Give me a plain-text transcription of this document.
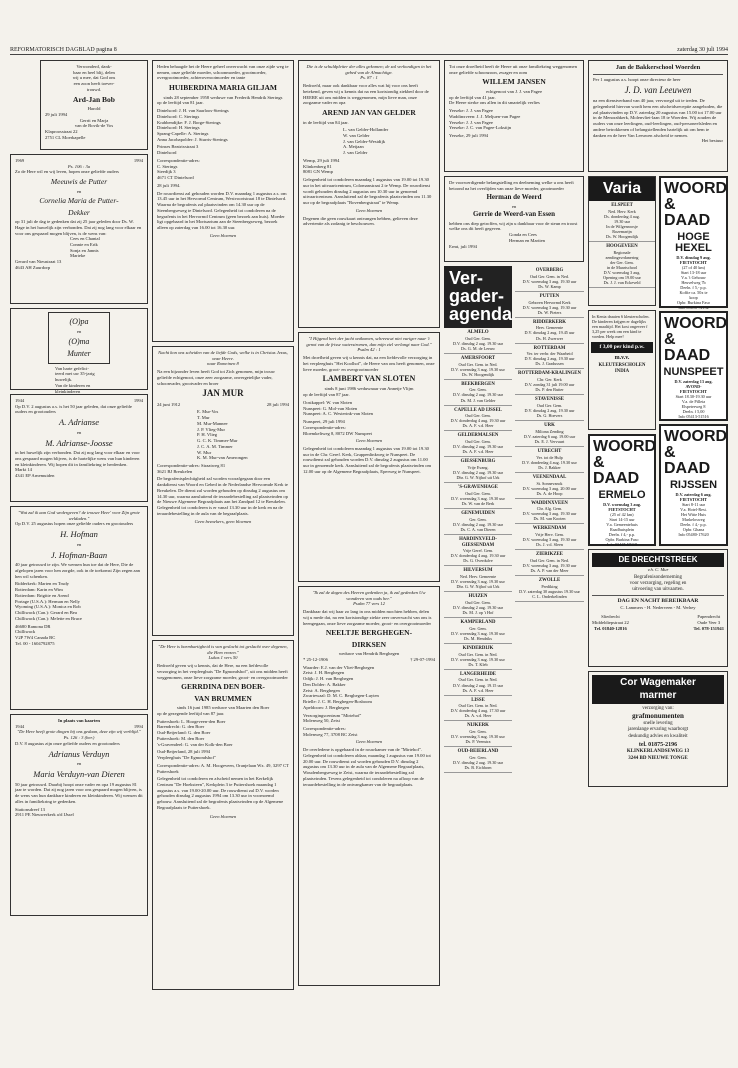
REFORMATORISCH DAGBLAD pagina 8	zaterdag 30 juli 1994
Verwonderd, dank-
baar en heel blij, delen
wij u mee, dat God ons
een zoon heeft toever-
trouwd.
Ard-Jan Bob
Harold
29 juli 1994
Gerrit en Marja
van de Bovik-de Vos
Klaproosstraat 22
2751 CL Moerkapelle
1969	1994
Ps. 106 : 3a
Zo de Here wil en wij leven, hopen onze geliefde ouders
Meeuwis de Putter
en
Cornelia Maria de Putter-
Dekker
op 31 juli de dag te gedenken dat zij 25 jaar geleden door Ds. W. Hage in het huwelijk zijn verbonden. Dat zij nog lang voor elkaar en voor ons gespaard mogen blijven, is de wens van:
Cees en Chantal
Connie en Erik
Sonja en Jannis
Marieke
Gerard van Nieustraat 13
4643 AH Zuurdorp
(O)pa
en
(O)ma
Munter
Van harte gefelici-
teerd met uw 35-jarig
huwelijk.
Van de kinderen en
kleinkinderen
1944	1994
Op D.V. 2 augustus a.s. is het 50 jaar geleden, dat onze geliefde ouders en grootouders
A. Adrianse
en
M. Adrianse-Joosse
in het huwelijk zijn verbonden. Dat zij nog lang voor elkaar en voor ons gespaard mogen blijven, is de hartelijke wens van hun kinderen en kleinkinderen. Wij hopen dit in familiekring te herdenken.
Markt 14
4341 EP Arnemuiden
"Wat zal ik aan God wedergeven? de trouwe Heer' voor Zijn grote weldaden."
Op D.V. 25 augustus hopen onze geliefde ouders en grootouders
H. Hofman
en
J. Hofman-Baan
40 jaar getrouwd te zijn. We wensen hun toe dat de Here, Die de afgelopen jaren voor hen zorgde, ook in de toekomst Zijn zegen aan hen wil schenken.
Ridderkerk: Marten en Trudy
Rotterdam: Karin en Wim
Rotterdam: Brigitte en Arend
Portage (U.S.A.): Herman en Nelly
Wyoming (U.S.A.): Monica en Rob
Chilliwack (Can.): Gerard en Bea
Chilliwack (Can.): Melette en Bruce
46680 Ramona DR
Chilliwack
V2P 7W4 Canada BC
Tel. 00 - 1604792875
In plaats van kaarten
1944	1994
"De Here heeft grote dingen bij ons gedaan, deze zijn wij verblijd."
Ps. 126 : 3 (ber.)
D.V. 8 augustus zijn onze geliefde ouders en grootouders
Adrianus Verduyn
en
Maria Verduyn-van Dieren
50 jaar getrouwd. Daarbij hoopt onze vader en opa 19 augustus 81 jaar te worden. Dat zij nog jaren voor ons gespaard mogen blijven, is de wens van hun dankbare kinderen en kleinkinderen. Wij wensen dit alles in familiekring te gedenken.
Stationsdreef 13
2911 PE Nieuwerkerk a/d IJssel
Heden behaagde het de Heere geheel onverwacht van onze zijde weg te nemen, onze geliefde moeder, schoonmoeder, grootmoeder, overgrootmoeder, achteroverootmoeder en tante
HUIBERDINA MARIA GILJAM
sinds 28 september 1958 weduwe van Frederik Hendrik Sterings
op de leeftijd van 81 jaar.
Dintelsord: J. H. van Saarloos-Sterings
Dintelsord: C. Sterings
Krabbendijke: F. J. Borge-Sterings
Dintelsord: H. Sterings
Sprang-Capelle: A. Sterings
Anna Jacobapolder: J. Sturris-Sterings
Prinses Beatrixstraat 3
Dintelsord
Correspondentie-adres:
C. Sterings
Steedijk 3
4671 CT Dintelsord
28 juli 1994.
De rouwdienst zal gehouden worden D.V. maandag 1 augustus a.s. om 13.45 uur in het Hervormd Centrum, Westvoortstraat 18 te Dintelsord. Waarna de begrafenis zal plaatsvinden om 14.30 uur op de Steenbergseweg te Dintelsord. Gelegenheid tot condoleren na de begrafenis in het Hervormd Centrum (geen bezoek aan huis). Moeder ligt opgebaard in het Mortuarium aan de Steenbergseweg, bezoek alleen op zaterdag van 16.00 tot 16.30 uur.
Geen bloemen
Nacht kon ons scheiden van de liefde Gods, welke is in Christus Jezus, onze Heere.
naar Romeinen 8
Na een bijzonder leven heeft God tot Zich genomen, mijn trouw geliefde echtgenoot, onze zeer zorgzame, onvergetelijke vader, schoonvader, grootvader en broer
JAN MUR
24 juni 1912	28 juli 1994
E. Mur-Vos
T. Mur
M. Mur-Mannee
J. P. Vlieg-Mur
P. H. Vlieg
G. C. K. Timmer-Mur
J. C. A. M. Timmer
W. Mur
K. M. Mur-van Amerongen
Correspondentie-adres: Straatweg 81
3621 BJ Breukelen
De begrafenisplechtigheid zal worden voorafgegaan door een dankdienst van Woord en Gebed in de Nederlandse Hervormde Kerk te Breukelen. De dienst zal worden gehouden op dinsdag 2 augustus om 14.30 uur, waarna aansluitend de teraardebestelling zal plaatsvinden op de Nieuwe Algemene Begraafplaats aan het Zandpad 12 te Breukelen. Gelegenheid tot condoleren is er vanaf 13.30 uur in de kerk en na de teraardebestelling in de aula van de begraafplaats.
Geen bezoekers, geen bloemen
"De Here is barmhartigheid is van geslacht tot geslacht over degenen, die Hem vrezen."
Lukas 1 vers 50
Bedroefd geven wij u kennis, dat de Here, na een liefdevolle verzorging in het verpleeghuis "De Egmondshof", uit ons midden heeft weggenomen, onze lieve zorgzame moeder, groot- en overgrootmoeder
GERRDINA DEN BOER-
VAN BRUMMEN
sinds 16 juni 1985 weduwe van Maarten den Boer
op de gezegende leeftijd van 87 jaar.
Puttershoek: L. Hoogeveen-den Boer
Barendrecht: G. den Boer
Oud-Beijerland: G. den Boer
Puttershoek: M. den Boer
's-Gravendeel: G. van der Kolk-den Boer
Oud-Beijerland, 28 juli 1994
Verpleeghuis "De Egmondshof"
Correspondentie-adres: A. M. Hoogeveen, Oranjelaan Wz. 49, 3297 CT Puttershoek
Gelegenheid tot condoleren en afscheid nemen in het Kerkelijk Centrum "De Hoeksteen", Kerkplein 3 te Puttershoek maandag 1 augustus a.s. van 19.00-20.00 uur. De rouwdienst zal D.V. worden gehouden dinsdag 2 augustus 1994 om 13.30 uur in voornoemd gebouw. Aansluitend zal de begrafenis plaatsvinden op de Algemene Begraafplaats te Puttershoek.
Geen bloemen
Die is de schuldpleiter der alles gekomen; de zal verkondigen in het gebed van de Almachtige.
Ps. 87 : 1
Bedroefd, maar ook dankbaar voor alles wat hij voor ons heeft betekend, geven wij u kennis dat na een kortstondig ziekbed door de HEERE uit ons midden is weggenomen, mijn lieve man, onze zorgzame vader en opa
AREND JAN VAN GELDER
in de leeftijd van 84 jaar.
L. van Gelder-Hollander
W. van Gelder
J. van Gelder-Westdijk
A. Meijaan
J. van Gelder
Wemp, 29 juli 1994
Klinkenberg 81
8081 GN Wemp
Gelegenheid tot condoleren maandag 1 augustus van 19.00 tot 19.30 uur in het uitvaartcentrum, Colomanstraat 2 te Wemp. De rouwdienst wordt gehouden dinsdag 2 augustus om 10.30 uur in genoemd uitvaartcentrum. Aansluitend zal de begrafenis plaatsvinden om 11.30 uur op de begraafplaats "Bovenbergstraat" te Wemp.
Geen bloemen
Degenen die geen rouwkaart ontvangen hebben, gelieven deze advertentie als zodanig te beschouwen.
"I Hijgend hert der jacht ontkomen, schreeuwt niet vuriger naar 't genot van de frisse waterstromen, dan mijn ziel verlangt naar God."
Psalm 42 : 1
Met droefheid geven wij u kennis dat, na een liefdevolle verzorging in het verpleeghuis "Het Koolhof", de Heere van ons heeft genomen, onze lieve moeder, groot- en overgrootmoeder
LAMBERT VAN SLOTEN
sinds 8 juni 1986 weduwnaar van Annetje Vlijm
op de leeftijd van 87 jaar.
Oostkappel: W. van Sloten
Nunspeet: G. Mol-van Sloten
Nunspeet: A. C. Westerink-van Sloten
Nunspeet, 29 juli 1994
Correspondentie-adres:
Bloemkeltweg 8, 8072 DW Nunspeet
Geen bloemen
Gelegenheid tot condoleren maandag 1 augustus van 19.00 tot 19.30 uur in de Chr. Geref. Kerk, Gruppenlinkweg te Nunspeet. De rouwdienst zal gehouden worden D.V. dinsdag 2 augustus om 11.00 uur in genoemde kerk. Aansluitend zal de begrafenis plaatsvinden om 12.00 uur op de Algemene Begraafplaats, Eperweg te Nunspeet.
"Ik zal de dagen des Heeren gedenken ja, ik zal gedenken Uw wonderen van ouds her."
Psalm 77 vers 12
Dankbaar dat wij haar zo lang in ons midden mochten hebben, delen wij u mede dat, na een kortstondige ziekte zeer onverwacht van ons is heengegaan, onze lieve zorgzame moeder, groot- en overgrootmoeder
NEELTJE BERGHEGEN-
DIRKSEN
weduwe van Hendrik Berghegen
* 25-12-1906	† 29-07-1994
Waarder: E.J. van der Vliet-Berghegen
Zeist: J. H. Berghegen
Odijk: J. H. van Berghegen
Den Dolder: A. Bakker
Zeist: A. Berghegen
Zwartewaal: D. M. C. Berghegen-Luyten
Brielle: J. C. H. Berghegen-Bosboom
Apeldoorn: J. Berghegen
Verzorgingscentrum "Mirtehof"
Molenweg 50, Zeist
Correspondentie-adres:
Molenweg 77, 3708 BC Zeist
Geen bloemen
De overledene is opgebaard in de rouwkamer van de "Mirtehof". Gelegenheid tot condoleren aldaar, maandag 1 augustus van 19.00 tot 20.00 uur. De rouwdienst zal worden gehouden D.V. dinsdag 2 augustus om 13.30 uur in de aula van de Algemene Begraafplaats, Woudenbergseweg te Zeist, waarna de teraardebestelling zal plaatsvinden. Tevens gelegenheid tot condoleren na afloop van de teraardebestelling in de ontvangkamer van de begraafplaats.
Tot onze droefheid heeft de Heere uit onze familiekring weggenomen onze geliefde schoonzoon, zwager en oom
WILLEM JANSEN
echtgenoot van J. J. van Pagee
op de leeftijd van 41 jaar.
De Heere sterke ons allen in dit smartelijk verlies
Yerseke: J. J. van Pagee
Waddinxveen: J. J. Meljuen-van Pagee
Yerseke: J. J. van Pagee
Yerseke: J. C. van Pagee-Lokstijn
Yerseke, 29 juli 1994
De voorwerdigende belangstelling en deelneming welke u ons heeft betoond na het overlijden van onze lieve moeder, grootmoeder
Herman de Weerd
en
Gerrie de Weerd-van Essen
hebben ons diep getroffen, wij zijn u dankbaar voor de steun en troost welke ons dit heeft gegeven.
Gonda en Cees
Herman en Martien
Ermt, juli 1994
Ver-
gader-
agenda
ALMELO
Oud Ger. Gem.
D.V. dinsdag 2 aug. 19.30 uur
Ds. G. M. de Leeuw
AMERSFOORT
Oud Ger. Gem. in Ned.
D.V. woensdag 3 aug. 19.30 uur
Ds. W. Hoogendijk
BEEKBERGEN
Ger. Gem.
D.V. dinsdag 2 aug. 19.30 uur
Ds. M. J. van Gelder
CAPELLE AD IJSSEL
Oud Ger. Gem.
D.V. donderdag 4 aug. 19.30 uur
Ds. A. F. v.d. Heer
GELDERMALSEN
Oud Ger. Gem.
D.V. dinsdag 2 aug. 19.30 uur
Ds. A. F. v.d. Heer
GIESSENBURG
Vrije Evang.
D.V. dinsdag 2 aug. 19.30 uur
Dhr. G. W. Nijhof uit Urk
'S-GRAVENHAGE
Oud Ger. Gem.
D.V. woensdag 3 aug. 19.30 uur
Ds. W. van de Berk
GENEMUIDEN
Ger. Gem.
D.V. dinsdag 2 aug. 19.30 uur
Ds. C. A. van Dieren
HARDINXVELD-GIESSENDAM
Vrije Geref. Gem.
D.V. donderdag 4 aug. 19.30 uur
Ds. G. Overdulve
HILVERSUM
Ned. Herv. Gemeente
D.V. woensdag 3 aug. 19.30 uur
Dhr. G. W. Nijhof uit Urk
HUIZEN
Oud Ger. Gem.
D.V. dinsdag 2 aug. 19.30 uur
Ds. M. J. op 't Hof
KAMPERLAND
Ger. Gem.
D.V. woensdag 3 aug. 19.30 uur
Ds. M. Hendriks
KINDERDIJK
Oud Ger. Gem. in Ned.
D.V. woensdag 3 aug. 19.30 uur
Ds. T. Kleb
LANGERHEIDE
Oud Ger. Gem. in Ned.
D.V. dinsdag 2 aug. 19.15 uur
Ds. A. F. v.d. Heer
LISSE
Oud Ger. Gem. in Ned.
D.V. donderdag 4 aug. 17.30 uur
Ds. A. v.d. Heer
NIJKERK
Ger. Gem.
D.V. woensdag 3 aug. 19.30 uur
Ds. P. Veenstra
OUD-BEIERLAND
Ger. Gem.
D.V. dinsdag 2 aug. 19.30 uur
Ds. B. Eichhorn
OVERBERG
Oud Ger. Gem. in Ned.
D.V. woensdag 3 aug. 19.30 uur
Ds. W. Kamp
PUTTEN
Geboren Hervormd Kerk
D.V. woensdag 3 aug. 19.30 uur
Ds. W. Pieters
RIDDERKERK
Herv. Gemeente
D.V. dinsdag 2 aug. 19.45 uur
Ds. H. Zwerwer
ROTTERDAM
Ver. ter verbr. der Waarheid
D.V. dinsdag 2 aug. 19.30 uur
Ds. J. Gradussen
ROTTERDAM-KRALINGEN
Chr. Ger. Kerk
D.V. zondag 31 juli 19.00 uur
Ds. P. den Butter
STAVENISSE
Oud Ger. Gem.
D.V. dinsdag 2 aug. 19.30 uur
Ds. G. Hoevers
URK
Miliona Zending
D.V. zaterdag 6 aug. 19.00 uur
Ds. E. J. Vervuurt
UTRECHT
Ver. tot de Hulp
D.V. donderdag 4 aug. 19.30 uur
Ds. J. Bakker
VEENENDAAL
St. Sonnevanck
D.V. woensdag 3 aug. 20.00 uur
Ds. A. de Hoop
WADDINXVEEN
Chr. Alg. Gem.
D.V. woensdag 3 aug. 19.30 uur
Ds. M. van Kooten
WERKENDAM
Vrije Herv. Gem.
D.V. woensdag 3 aug. 19.30 uur
Ds. J. v.d. Sleen
ZIERIKZEE
Oud Ger. Gem. in Ned.
D.V. woensdag 3 aug. 19.30 uur
Ds. A. P. van der Meer
ZWOLLE
Prediking
D.V. zaterdag 30 augustus 19.30 uur
C. L. Onderkelinden
Jan de Bakkerschool Woerden
Per 1 augustus a.s. hoopt onze directeur de heer
J. D. van Leeuwen
na een dienstverband van 40 jaar, vervroegd uit te treden. De gelegenheid hiervan wordt hem een afscheidsreceptie aangeboden, die zal plaatsvinden op D.V. zaterdag 20 augustus van 15.00 tot 17.00 uur in de Menorahkerk, Molenvliet-laan 18 te Woerden. Wij zouden de ouders van onze leerlingen, oud-leerlingen, oud-personeelsleden en andere betrokkenen of belangstellenden hartelijk uit om hem te danken en de heer Van Leeuwen afscheid te nemen.
Het bestuur
Varia
ELSPEET
Ned. Herv. Kerk
Ds. donderdag 4 aug.
19.30 uur
In de Wilgenroosje
Rozemarijn
Ds. W. Hoogendijk
HOOGEVEEN
Regionale
zendingsvrdanering
der Ger. Gem.
in de Maartschool
D.V. woensdag 3 aug.
Opening om 19.00 uur
Ds. J. J. van Eckeveld
In Kenia draaien 6 kleuterscholen. De kinderen krijgen er dagelijks een maaltijd. Het kost ongeveer f 3,25 per week om een kind te voeden. Help mee!
f 3,00 per kind p.w.
m.v.v.
KLEUTERSCHOLEN INDIA
WOORD
& DAAD
ERMELO
D.V. woensdag 3 aug.
FIETSTOCHT
(25 of 42 km)
Start 14-15 uur
V.a. Gemeentehuis
Raadhuisplein
Deeln. f 4,- p.p.
Opbr. Burkina Faso
Info 03417-57118
WOORD
& DAAD
HOGE
HEXEL
D.V. dinsdag 9 aug.
FIETSTOCHT
(27 of 40 km)
Start 13-18 uur
V.a. 't Gehouw
Heuvelweg 7b
Deeln. f 5,- p.p.
Koffie ca. 50x te
koop
Opbr. Burkina Faso
Info 05456-74132
WOORD
& DAAD
NUNSPEET
D.V. zaterdag 13 aug.
AVOND-
FIETSTOCHT
Start 18.30-19.30 uur
V.a. de Pilleia
Elspeterweg 8
Deeln. f 5,00
Info 05413-51516
WOORD
& DAAD
RIJSSEN
D.V. zaterdag 6 aug.
FIETSTOCHT
Start 8-11 uur
V.a. Hotel-Rest.
Het Witte Huis
Markelosweg
Deeln. f 4,- p.p.
Opbr. Ghana
Info 05480-17620
DE DRECHTSTREEK
v.h. C. Mur
Begrafenisonderneming
voor verzorging, regeling en
uitvoering van uitvaarten.
DAG EN NACHT BEREIKBAAR
C. Lammers - H. Nederveen - M. Verhey
Sliedrecht
Middeldiepstraat 22
Tel. 01840-12816
Papendrecht
Oude Veer 3
Tel. 078-151941
Cor Wagemaker
marmer
verzorging van:
grafmonumenten
snelle levering
jarenlange ervaring waarborgt
deskundig advies en kwaliteit
tel. 01875-2196
KLINKERLANDSEWEG 13
3244 BD NIEUWE TONGE
